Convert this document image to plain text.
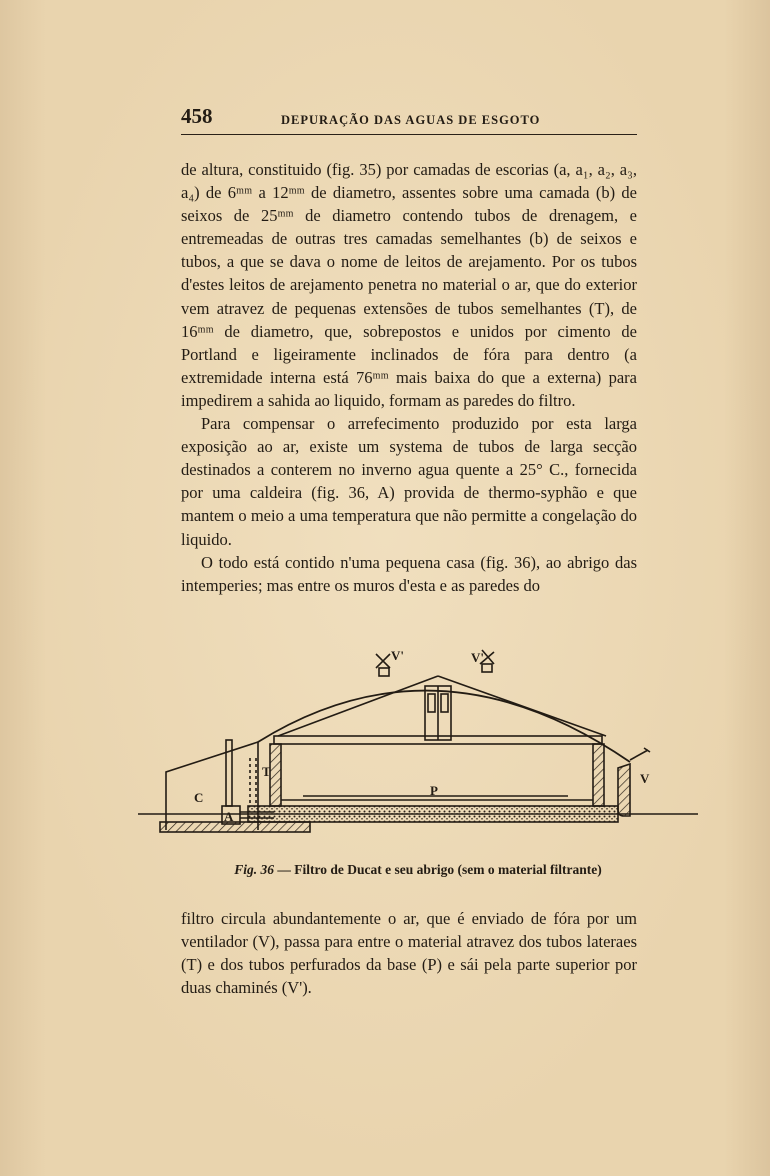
458	DEPURAÇÃO DAS AGUAS DE ESGOTO

de altura, constituido (fig. 35) por camadas de escorias (a, a₁, a₂, a₃, a₄) de 6ᵐᵐ a 12ᵐᵐ de diametro, assentes sobre uma camada (b) de seixos de 25ᵐᵐ de diametro contendo tubos de drenagem, e entremeadas de outras tres camadas semelhantes (b) de seixos e tubos, a que se dava o nome de leitos de arejamento. Por os tubos d'estes leitos de arejamento penetra no material o ar, que do exterior vem atravez de pequenas extensões de tubos semelhantes (T), de 16ᵐᵐ de diametro, que, sobrepostos e unidos por cimento de Portland e ligeiramente inclinados de fóra para dentro (a extremidade interna está 76ᵐᵐ mais baixa do que a externa) para impedirem a sahida ao liquido, formam as paredes do filtro.

Para compensar o arrefecimento produzido por esta larga exposição ao ar, existe um systema de tubos de larga secção destinados a conterem no inverno agua quente a 25° C., fornecida por uma caldeira (fig. 36, A) provida de thermo-syphão e que mantem o meio a uma temperatura que não permitte a congelação do liquido.

O todo está contido n'uma pequena casa (fig. 36), ao abrigo das intemperies; mas entre os muros d'esta e as paredes do

V'	V'
T	V
A
C	P
Fig. 36 — Filtro de Ducat e seu abrigo (sem o material filtrante)

filtro circula abundantemente o ar, que é enviado de fóra por um ventilador (V), passa para entre o material atravez dos tubos lateraes (T) e dos tubos perfurados da base (P) e sái pela parte superior por duas chaminés (V').
